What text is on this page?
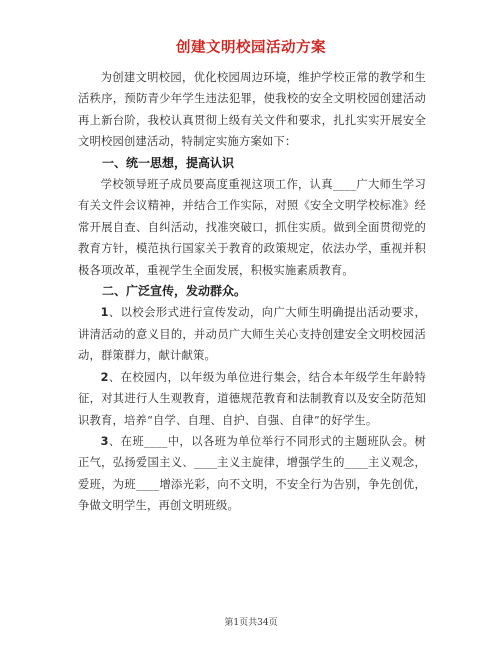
创建文明校园活动方案

为创建文明校园，优化校园周边环境，维护学校正常的教学和生活秩序，预防青少年学生违法犯罪，使我校的安全文明校园创建活动再上新台阶，我校认真贯彻上级有关文件和要求，扎扎实实开展安全文明校园创建活动，特制定实施方案如下：

一、统一思想，提高认识

学校领导班子成员要高度重视这项工作，认真____广大师生学习有关文件会议精神，并结合工作实际，对照《安全文明学校标准》经常开展自查、自纠活动，找准突破口，抓住实质。做到全面贯彻党的教育方针，模范执行国家关于教育的政策规定，依法办学，重视并积极各项改革，重视学生全面发展，积极实施素质教育。

二、广泛宣传，发动群众。

1、以校会形式进行宣传发动，向广大师生明确提出活动要求，讲清活动的意义目的，并动员广大师生关心支持创建安全文明校园活动，群策群力，献计献策。

2、在校园内，以年级为单位进行集会，结合本年级学生年龄特征，对其进行人生观教育，道德规范教育和法制教育以及安全防范知识教育，培养“自学、自理、自护、自强、自律”的好学生。

3、在班____中，以各班为单位举行不同形式的主题班队会。树正气，弘扬爱国主义、____主义主旋律，增强学生的____主义观念，爱班，为班____增添光彩，向不文明，不安全行为告别，争先创优，争做文明学生，再创文明班级。

第1页共34页
